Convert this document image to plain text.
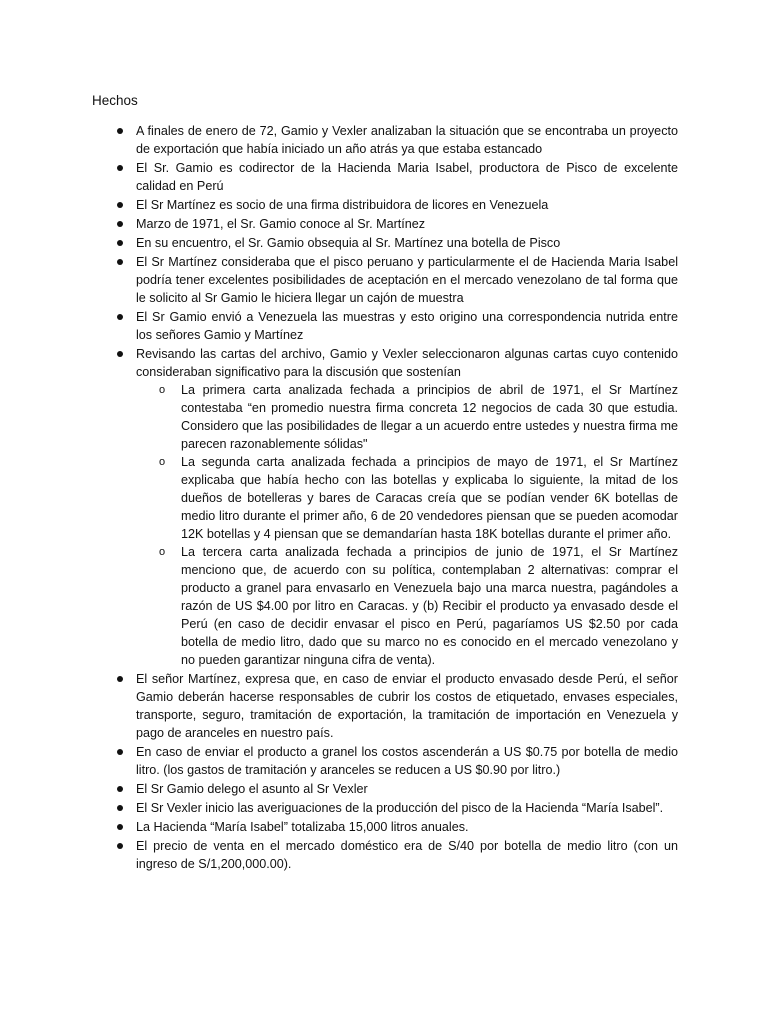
Hechos
A finales de enero de 72, Gamio y Vexler analizaban la situación que se encontraba un proyecto de exportación que había iniciado un año atrás ya que estaba estancado
El Sr. Gamio es codirector de la Hacienda Maria Isabel, productora de Pisco de excelente calidad en Perú
El Sr Martínez es socio de una firma distribuidora de licores en Venezuela
Marzo de 1971, el Sr. Gamio conoce al Sr. Martínez
En su encuentro, el Sr. Gamio obsequia al Sr. Martínez una botella de Pisco
El Sr Martínez consideraba que el pisco peruano y particularmente el de Hacienda Maria Isabel podría tener excelentes posibilidades de aceptación en el mercado venezolano de tal forma que le solicito al Sr Gamio le hiciera llegar un cajón de muestra
El Sr Gamio envió a Venezuela las muestras y esto origino una correspondencia nutrida entre los señores Gamio y Martínez
Revisando las cartas del archivo, Gamio y Vexler seleccionaron algunas cartas cuyo contenido consideraban significativo para la discusión que sostenían
o La primera carta analizada fechada a principios de abril de 1971, el Sr Martínez contestaba “en promedio nuestra firma concreta 12 negocios de cada 30 que estudia. Considero que las posibilidades de llegar a un acuerdo entre ustedes y nuestra firma me parecen razonablemente sólidas"
o La segunda carta analizada fechada a principios de mayo de 1971, el Sr Martínez explicaba que había hecho con las botellas y explicaba lo siguiente, la mitad de los dueños de botelleras y bares de Caracas creía que se podían vender 6K botellas de medio litro durante el primer año, 6 de 20 vendedores piensan que se pueden acomodar 12K botellas y 4 piensan que se demandarían hasta 18K botellas durante el primer año.
o La tercera carta analizada fechada a principios de junio de 1971, el Sr Martínez menciono que, de acuerdo con su política, contemplaban 2 alternativas: comprar el producto a granel para envasarlo en Venezuela bajo una marca nuestra, pagándoles a razón de US $4.00 por litro en Caracas. y (b) Recibir el producto ya envasado desde el Perú (en caso de decidir envasar el pisco en Perú, pagaríamos US $2.50 por cada botella de medio litro, dado que su marco no es conocido en el mercado venezolano y no pueden garantizar ninguna cifra de venta).
El señor Martínez, expresa que, en caso de enviar el producto envasado desde Perú, el señor Gamio deberán hacerse responsables de cubrir los costos de etiquetado, envases especiales, transporte, seguro, tramitación de exportación, la tramitación de importación en Venezuela y pago de aranceles en nuestro país.
En caso de enviar el producto a granel los costos ascenderán a US $0.75 por botella de medio litro. (los gastos de tramitación y aranceles se reducen a US $0.90 por litro.)
El Sr Gamio delego el asunto al Sr Vexler
El Sr Vexler inicio las averiguaciones de la producción del pisco de la Hacienda “María Isabel”.
La Hacienda “María Isabel” totalizaba 15,000 litros anuales.
El precio de venta en el mercado doméstico era de S/40 por botella de medio litro (con un ingreso de S/1,200,000.00).
